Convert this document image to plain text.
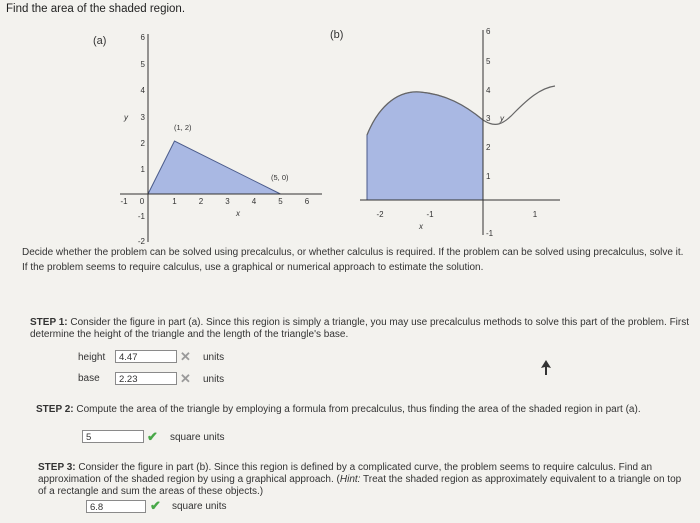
Find the area of the shaded region.
(a)	6
5
4
3
2
1
-1
-2
y
-1 0	1	2	3	4	5	6
x
(1, 2)
(5, 0)
(b)	6
5
4
3
2
1
-1
y
-2	-1	1
x
Decide whether the problem can be solved using precalculus, or whether calculus is required. If the problem can be solved using precalculus, solve it. If the problem seems to require calculus, use a graphical or numerical approach to estimate the solution.
STEP 1: Consider the figure in part (a). Since this region is simply a triangle, you may use precalculus methods to solve this part of the problem. First determine the height of the triangle and the length of the triangle's base.
height	4.47	✕ units
base	2.23	✕ units
STEP 2: Compute the area of the triangle by employing a formula from precalculus, thus finding the area of the shaded region in part (a).
5	✔ square units
STEP 3: Consider the figure in part (b). Since this region is defined by a complicated curve, the problem seems to require calculus. Find an approximation of the shaded region by using a graphical approach. (Hint: Treat the shaded region as approximately equivalent to a triangle on top of a rectangle and sum the areas of these objects.)
6.8	✔ square units
